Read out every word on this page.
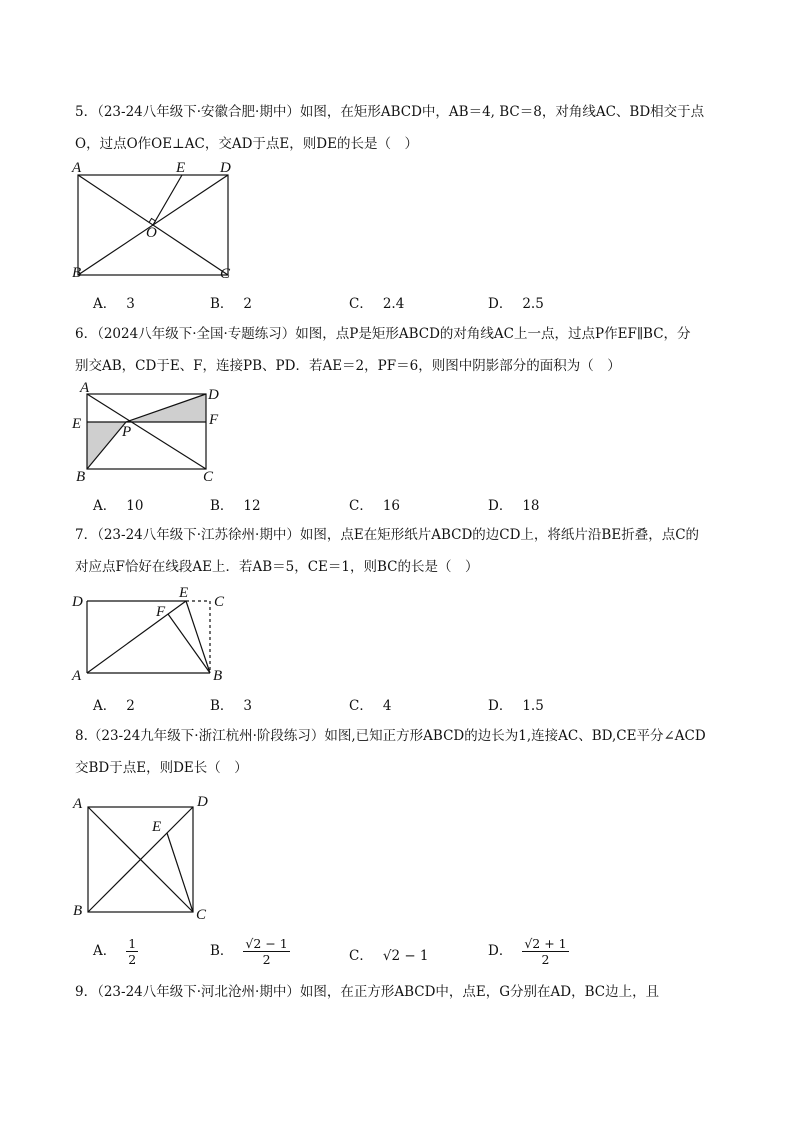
5．（23-24八年级下·安徽合肥·期中）如图，在矩形ABCD中，AB＝4, BC＝8，对角线AC、BD相交于点
O，过点O作OE⊥AC，交AD于点E，则DE的长是（　）
A	E D
O
B	C
A． 3	B． 2	C． 2.4	D． 2.5
6．（2024八年级下·全国·专题练习）如图，点P是矩形ABCD的对角线AC上一点，过点P作EF∥BC，分
别交AB，CD于E、F，连接PB、PD．若AE＝2，PF＝6，则图中阴影部分的面积为（　）
A	D
E	F
P
B	C
A． 10	B． 12	C． 16	D． 18
7．（23-24八年级下·江苏徐州·期中）如图，点E在矩形纸片ABCD的边CD上，将纸片沿BE折叠，点C的
对应点F恰好在线段AE上．若AB＝5，CE＝1，则BC的长是（　）
D
E
C
F
A	B
A． 2	B． 3	C． 4	D． 1.5
8.（23-24九年级下·浙江杭州·阶段练习）如图,已知正方形ABCD的边长为1,连接AC、BD,CE平分∠ACD
交BD于点E，则DE长（　）
A	D
E
B	C
A． $\frac{1}{2}$	B． $\frac{√2 - 1}{2}$	C． √2 − 1	D． $\frac{√2 + 1}{2}$
9．（23-24八年级下·河北沧州·期中）如图，在正方形ABCD中，点E，G分别在AD，BC边上，且
